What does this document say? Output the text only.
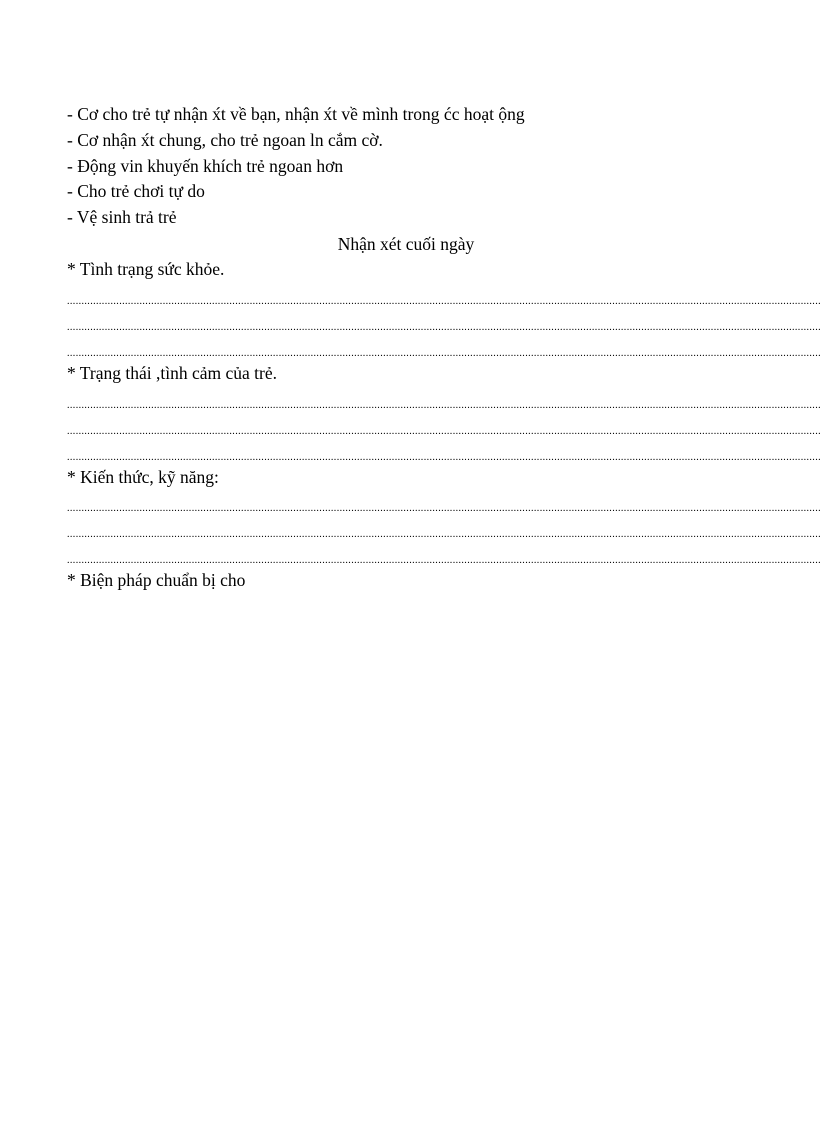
- Cơ cho trẻ tự nhận x́t về bạn, nhận x́t về mình trong ćc hoạt ộng

- Cơ nhận x́t chung, cho trẻ ngoan ln cắm cờ.

- Động vin khuyến khích trẻ ngoan hơn

- Cho trẻ chơi tự do

- Vệ sinh trả trẻ

Nhận xét cuối ngày

* Tình trạng sức khỏe.

....................................................................................................................................................................................................................................................................
....................................................................................................................................................................................................................................................................
....................................................................................................................................................................................................................................................................

* Trạng thái ,tình cảm của trẻ.

....................................................................................................................................................................................................................................................................
....................................................................................................................................................................................................................................................................
....................................................................................................................................................................................................................................................................

* Kiến thức, kỹ năng:

....................................................................................................................................................................................................................................................................
....................................................................................................................................................................................................................................................................
....................................................................................................................................................................................................................................................................

* Biện pháp chuẩn bị cho
